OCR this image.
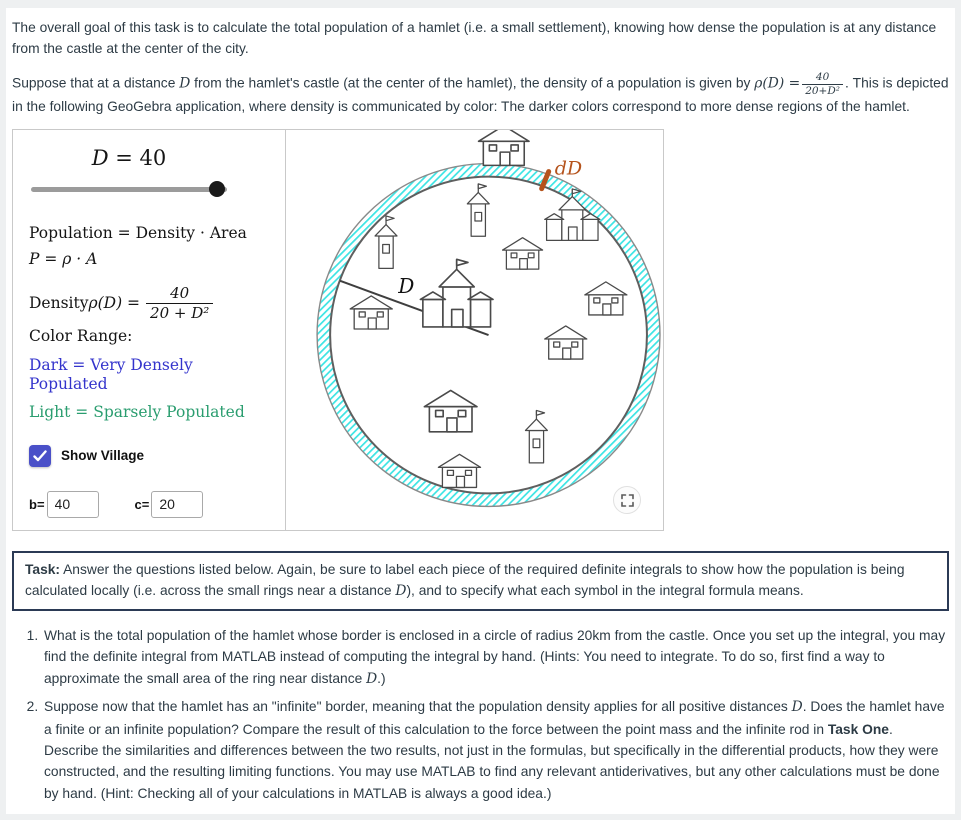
The overall goal of this task is to calculate the total population of a hamlet (i.e. a small settlement), knowing how dense the population is at any distance from the castle at the center of the city.

Suppose that at a distance D from the hamlet's castle (at the center of the hamlet), the density of a population is given by $\rho(D) = \frac{40}{\text{20+D²}}$ . This is depicted in the following GeoGebra application, where density is communicated by color: The darker colors correspond to more dense regions of the hamlet.

D = 40
Population = Density · Area
P = ρ · A
Density $\rho(D) = \frac{40}{\text{20 + D²}}$
Color Range:
Dark = Very Densely Populated
Light = Sparsely Populated
Show Village
b=
40	c=
20
D
dD
Task: Answer the questions listed below. Again, be sure to label each piece of the required definite integrals to show how the population is being calculated locally (i.e. across the small rings near a distance D), and to specify what each symbol in the integral formula means.
1. What is the total population of the hamlet whose border is enclosed in a circle of radius 20km from the castle. Once you set up the integral, you may find the definite integral from MATLAB instead of computing the integral by hand. (Hints: You need to integrate. To do so, first find a way to approximate the small area of the ring near distance D.)
2. Suppose now that the hamlet has an "infinite" border, meaning that the population density applies for all positive distances D. Does the hamlet have a finite or an infinite population? Compare the result of this calculation to the force between the point mass and the infinite rod in Task One. Describe the similarities and differences between the two results, not just in the formulas, but specifically in the differential products, how they were constructed, and the resulting limiting functions. You may use MATLAB to find any relevant antiderivatives, but any other calculations must be done by hand. (Hint: Checking all of your calculations in MATLAB is always a good idea.)
